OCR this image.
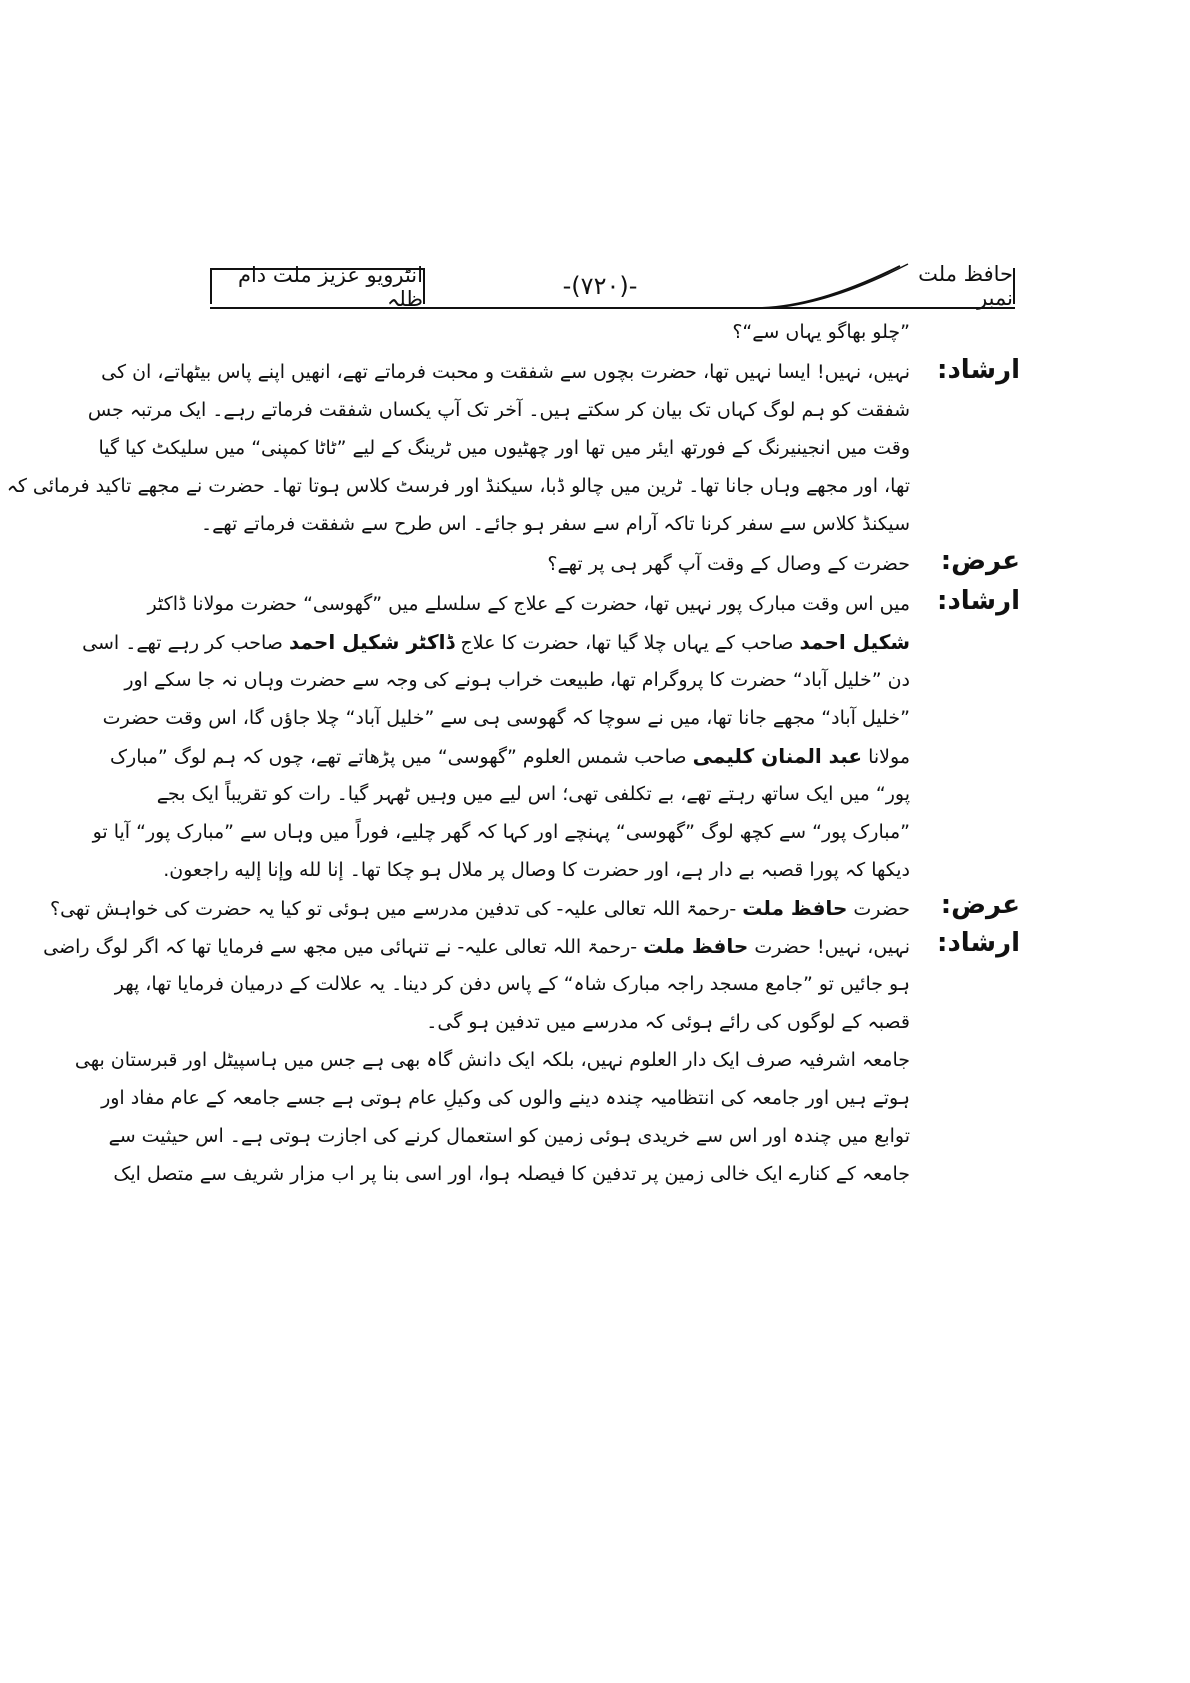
انٹرویو عزیز ملت دام ظلہ	-(۷۲۰)-	حافظ ملت نمبر
”چلو بھاگو یہاں سے“؟
ارشاد:
نہیں، نہیں! ایسا نہیں تھا، حضرت بچوں سے شفقت و محبت فرماتے تھے، انھیں اپنے پاس بیٹھاتے، ان کی
شفقت کو ہم لوگ کہاں تک بیان کر سکتے ہیں۔ آخر تک آپ یکساں شفقت فرماتے رہے۔ ایک مرتبہ جس
وقت میں انجینیرنگ کے فورتھ ایئر میں تھا اور چھٹیوں میں ٹرینگ کے لیے ”ٹاٹا کمپنی“ میں سلیکٹ کیا گیا
تھا، اور مجھے وہاں جانا تھا۔ ٹرین میں چالو ڈبا، سیکنڈ اور فرسٹ کلاس ہوتا تھا۔ حضرت نے مجھے تاکید فرمائی کہ
سیکنڈ کلاس سے سفر کرنا تاکہ آرام سے سفر ہو جائے۔ اس طرح سے شفقت فرماتے تھے۔
عرض:
حضرت کے وصال کے وقت آپ گھر ہی پر تھے؟
ارشاد:
میں اس وقت مبارک پور نہیں تھا، حضرت کے علاج کے سلسلے میں ”گھوسی“ حضرت مولانا ڈاکٹر
شکیل احمد صاحب کے یہاں چلا گیا تھا، حضرت کا علاج ڈاکٹر شکیل احمد صاحب کر رہے تھے۔ اسی
دن ”خلیل آباد“ حضرت کا پروگرام تھا، طبیعت خراب ہونے کی وجہ سے حضرت وہاں نہ جا سکے اور
”خلیل آباد“ مجھے جانا تھا، میں نے سوچا کہ گھوسی ہی سے ”خلیل آباد“ چلا جاؤں گا، اس وقت حضرت
مولانا عبد المنان کلیمی صاحب شمس العلوم ”گھوسی“ میں پڑھاتے تھے، چوں کہ ہم لوگ ”مبارک
پور“ میں ایک ساتھ رہتے تھے، بے تکلفی تھی؛ اس لیے میں وہیں ٹھہر گیا۔ رات کو تقریباً ایک بجے
”مبارک پور“ سے کچھ لوگ ”گھوسی“ پہنچے اور کہا کہ گھر چلیے، فوراً میں وہاں سے ”مبارک پور“ آیا تو
دیکھا کہ پورا قصبہ بے دار ہے، اور حضرت کا وصال پر ملال ہو چکا تھا۔ إنا لله وإنا إليه راجعون.
عرض:
حضرت حافظ ملت -رحمۃ اللہ تعالی علیہ- کی تدفین مدرسے میں ہوئی تو کیا یہ حضرت کی خواہش تھی؟
ارشاد:
نہیں، نہیں! حضرت حافظ ملت -رحمۃ اللہ تعالی علیہ- نے تنہائی میں مجھ سے فرمایا تھا کہ اگر لوگ راضی
ہو جائیں تو ”جامع مسجد راجہ مبارک شاہ“ کے پاس دفن کر دینا۔ یہ علالت کے درمیان فرمایا تھا، پھر
قصبہ کے لوگوں کی رائے ہوئی کہ مدرسے میں تدفین ہو گی۔
جامعہ اشرفیہ صرف ایک دار العلوم نہیں، بلکہ ایک دانش گاہ بھی ہے جس میں ہاسپیٹل اور قبرستان بھی
ہوتے ہیں اور جامعہ کی انتظامیہ چندہ دینے والوں کی وکیلِ عام ہوتی ہے جسے جامعہ کے عام مفاد اور
توابع میں چندہ اور اس سے خریدی ہوئی زمین کو استعمال کرنے کی اجازت ہوتی ہے۔ اس حیثیت سے
جامعہ کے کنارے ایک خالی زمین پر تدفین کا فیصلہ ہوا، اور اسی بنا پر اب مزار شریف سے متصل ایک
